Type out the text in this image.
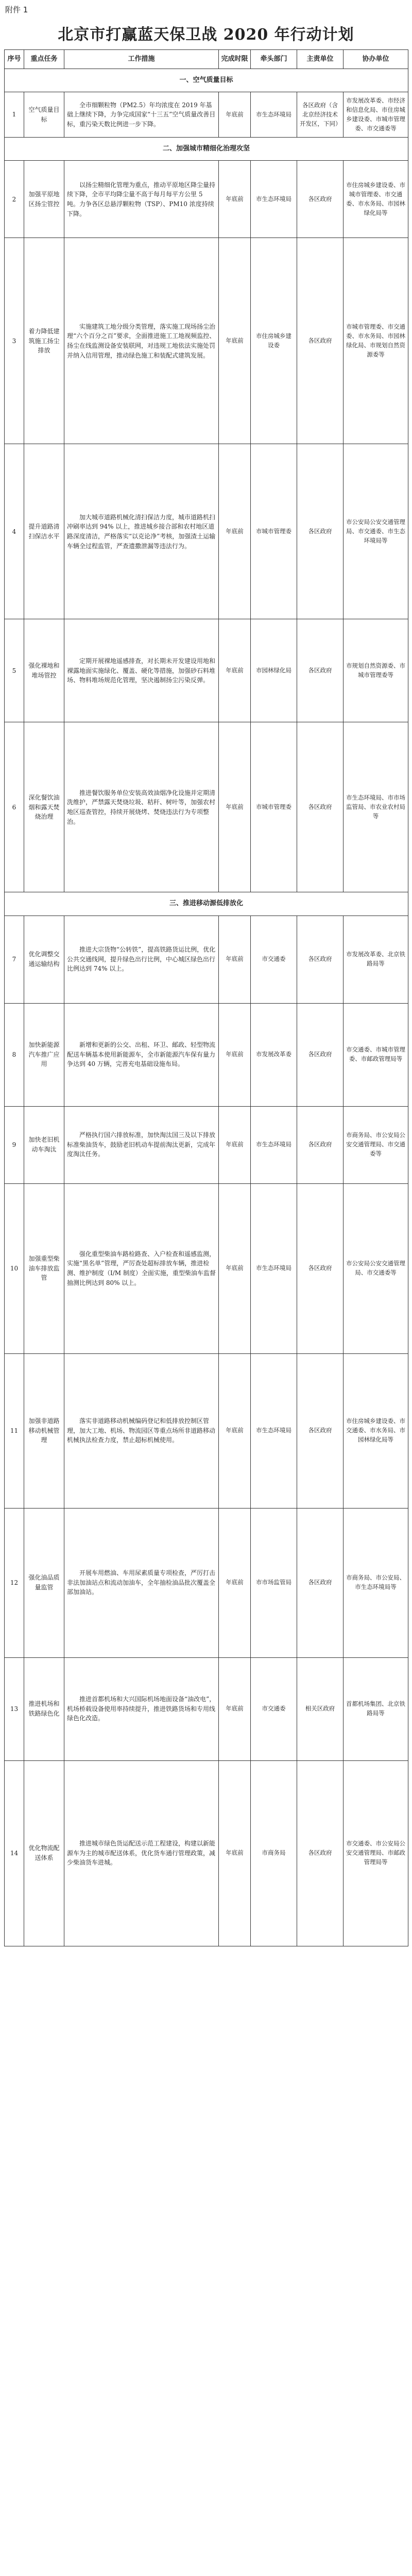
附件 1
北京市打赢蓝天保卫战 2020 年行动计划
序号	重点任务	工作措施	完成时限	牵头部门	主责单位	协办单位
一、空气质量目标						
1	空气质量目标	全市细颗粒物（PM2.5）年均浓度在 2019 年基础上继续下降，力争完成国家“十三五”空气质量改善目标，重污染天数比例进一步下降。	年底前	市生态环境局	各区政府（含北京经济技术开发区，下同）	市发展改革委、市经济和信息化局、市住房城乡建设委、市城市管理委、市交通委等
二、加强城市精细化治理攻坚						
2	加强平原地区扬尘管控	以扬尘精细化管理为重点，推动平原地区降尘量持续下降，全市平均降尘量不高于每月每平方公里 5 吨。力争各区总悬浮颗粒物（TSP）、PM10 浓度持续下降。	年底前	市生态环境局	各区政府	市住房城乡建设委、市城市管理委、市交通委、市水务局、市园林绿化局等
3	着力降低建筑施工扬尘排放	实施建筑工地分级分类管理，落实施工现场扬尘治理“六个百分之百”要求，全面推进施工工地视频监控、扬尘在线监测设备安装联网，对违规工地依法实施处罚并纳入信用管理，推动绿色施工和装配式建筑发展。	年底前	市住房城乡建设委	各区政府	市城市管理委、市交通委、市水务局、市园林绿化局、市规划自然资源委等
4	提升道路清扫保洁水平	加大城市道路机械化清扫保洁力度，城市道路机扫冲刷率达到 94% 以上，推进城乡接合部和农村地区道路深度清洁，严格落实“以克论净”考核，加强渣土运输车辆全过程监管，严查遗撒泄漏等违法行为。	年底前	市城市管理委	各区政府	市公安局公安交通管理局、市交通委、市生态环境局等
5	强化裸地和堆场管控	定期开展裸地遥感排查，对长期未开发建设用地和裸露地面实施绿化、覆盖、硬化等措施，加强砂石料堆场、物料堆场规范化管理，坚决遏制扬尘污染反弹。	年底前	市园林绿化局	各区政府	市规划自然资源委、市城市管理委等
6	深化餐饮油烟和露天焚烧治理	推进餐饮服务单位安装高效油烟净化设施并定期清洗维护，严禁露天焚烧垃圾、秸秆、树叶等，加强农村地区巡查管控，持续开展烧烤、焚烧违法行为专项整治。	年底前	市城市管理委	各区政府	市生态环境局、市市场监管局、市农业农村局等
三、推进移动源低排放化						
7	优化调整交通运输结构	推进大宗货物“公转铁”，提高铁路货运比例，优化公共交通线网，提升绿色出行比例，中心城区绿色出行比例达到 74% 以上。	年底前	市交通委	各区政府	市发展改革委、北京铁路局等
8	加快新能源汽车推广应用	新增和更新的公交、出租、环卫、邮政、轻型物流配送车辆基本使用新能源车，全市新能源汽车保有量力争达到 40 万辆，完善充电基础设施布局。	年底前	市发展改革委	各区政府	市交通委、市城市管理委、市邮政管理局等
9	加快老旧机动车淘汰	严格执行国六排放标准，加快淘汰国三及以下排放标准柴油货车，鼓励老旧机动车提前淘汰更新，完成年度淘汰任务。	年底前	市生态环境局	各区政府	市商务局、市公安局公安交通管理局、市交通委等
10	加强重型柴油车排放监管	强化重型柴油车路检路查、入户检查和遥感监测，实施“黑名单”管理，严厉查处超标排放车辆，推进检测、维护制度（I/M 制度）全面实施，重型柴油车监督抽测比例达到 80% 以上。	年底前	市生态环境局	各区政府	市公安局公安交通管理局、市交通委等
11	加强非道路移动机械管理	落实非道路移动机械编码登记和低排放控制区管理，加大工地、机场、物流园区等重点场所非道路移动机械执法检查力度，禁止超标机械使用。	年底前	市生态环境局	各区政府	市住房城乡建设委、市交通委、市水务局、市园林绿化局等
12	强化油品质量监管	开展车用燃油、车用尿素质量专项检查，严厉打击非法加油站点和流动加油车，全年抽检油品批次覆盖全部加油站。	年底前	市市场监管局	各区政府	市商务局、市公安局、市生态环境局等
13	推进机场和铁路绿色化	推进首都机场和大兴国际机场地面设备“油改电”，机场桥载设备使用率持续提升，推进铁路货场和专用线绿色化改造。	年底前	市交通委	相关区政府	首都机场集团、北京铁路局等
14	优化物流配送体系	推进城市绿色货运配送示范工程建设，构建以新能源车为主的城市配送体系，优化货车通行管理政策，减少柴油货车进城。	年底前	市商务局	各区政府	市交通委、市公安局公安交通管理局、市邮政管理局等
